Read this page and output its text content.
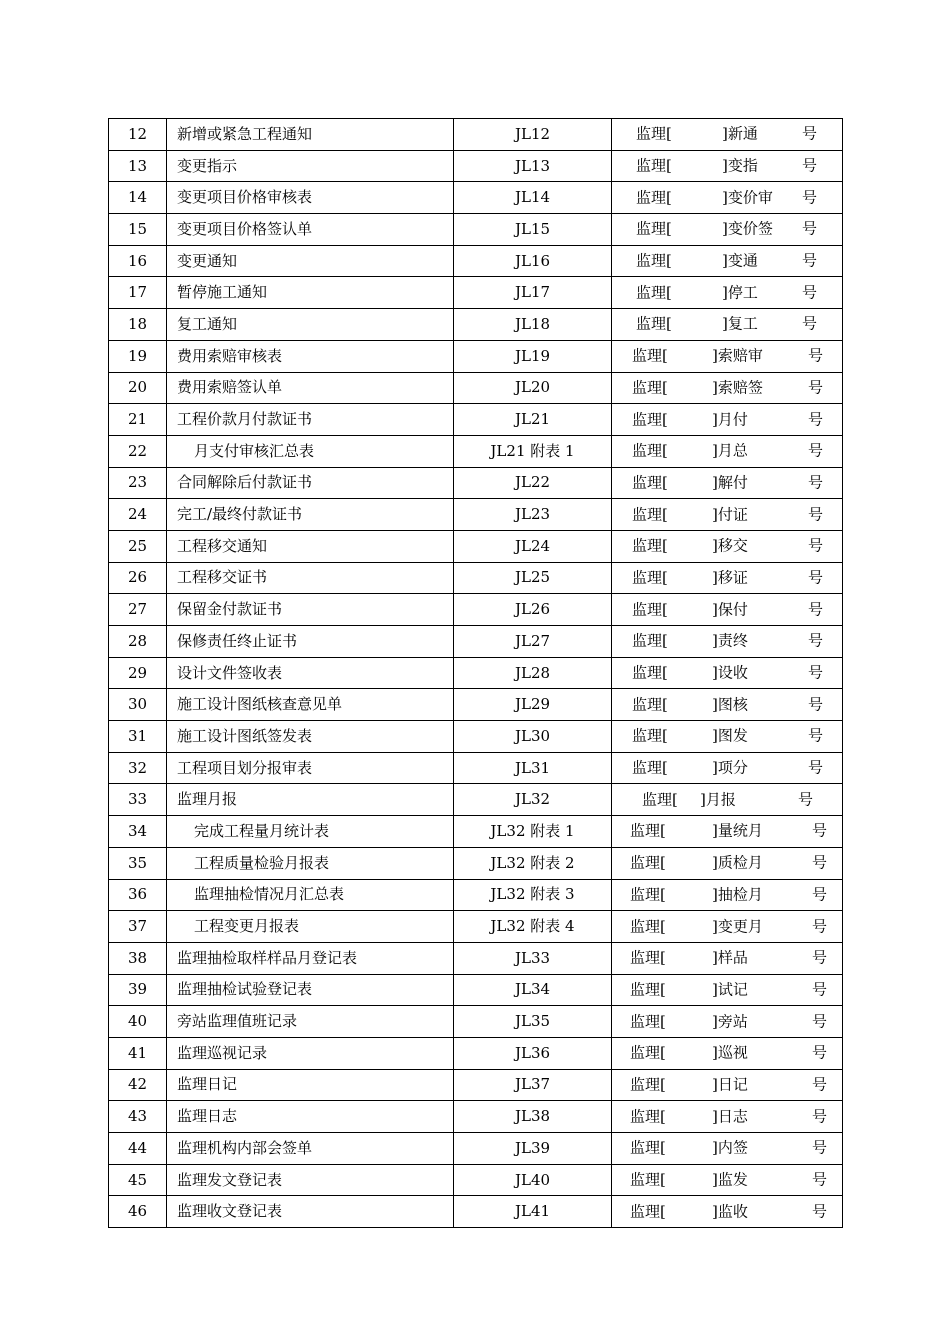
12	新增或紧急工程通知	JL12	监理[ ]新通 号

13	变更指示	JL13	监理[ ]变指 号

14	变更项目价格审核表	JL14	监理[ ]变价审 号

15	变更项目价格签认单	JL15	监理[ ]变价签 号

16	变更通知	JL16	监理[ ]变通 号

17	暂停施工通知	JL17	监理[ ]停工 号

18	复工通知	JL18	监理[ ]复工 号

19	费用索赔审核表	JL19	监理[ ]索赔审 号

20	费用索赔签认单	JL20	监理[ ]索赔签 号

21	工程价款月付款证书	JL21	监理[ ]月付 号

22	月支付审核汇总表	JL21 附表 1	监理[ ]月总 号

23	合同解除后付款证书	JL22	监理[ ]解付 号

24	完工/最终付款证书	JL23	监理[ ]付证 号

25	工程移交通知	JL24	监理[ ]移交 号

26	工程移交证书	JL25	监理[ ]移证 号

27	保留金付款证书	JL26	监理[ ]保付 号

28	保修责任终止证书	JL27	监理[ ]责终 号

29	设计文件签收表	JL28	监理[ ]设收 号

30	施工设计图纸核查意见单	JL29	监理[ ]图核 号

31	施工设计图纸签发表	JL30	监理[ ]图发 号

32	工程项目划分报审表	JL31	监理[ ]项分 号

33	监理月报	JL32	监理[ ]月报 号

34	完成工程量月统计表	JL32 附表 1	监理[ ]量统月 号

35	工程质量检验月报表	JL32 附表 2	监理[ ]质检月 号

36	监理抽检情况月汇总表	JL32 附表 3	监理[ ]抽检月 号

37	工程变更月报表	JL32 附表 4	监理[ ]变更月 号

38	监理抽检取样样品月登记表	JL33	监理[ ]样品 号

39	监理抽检试验登记表	JL34	监理[ ]试记 号

40	旁站监理值班记录	JL35	监理[ ]旁站 号

41	监理巡视记录	JL36	监理[ ]巡视 号

42	监理日记	JL37	监理[ ]日记 号

43	监理日志	JL38	监理[ ]日志 号

44	监理机构内部会签单	JL39	监理[ ]内签 号

45	监理发文登记表	JL40	监理[ ]监发 号

46	监理收文登记表	JL41	监理[ ]监收 号
